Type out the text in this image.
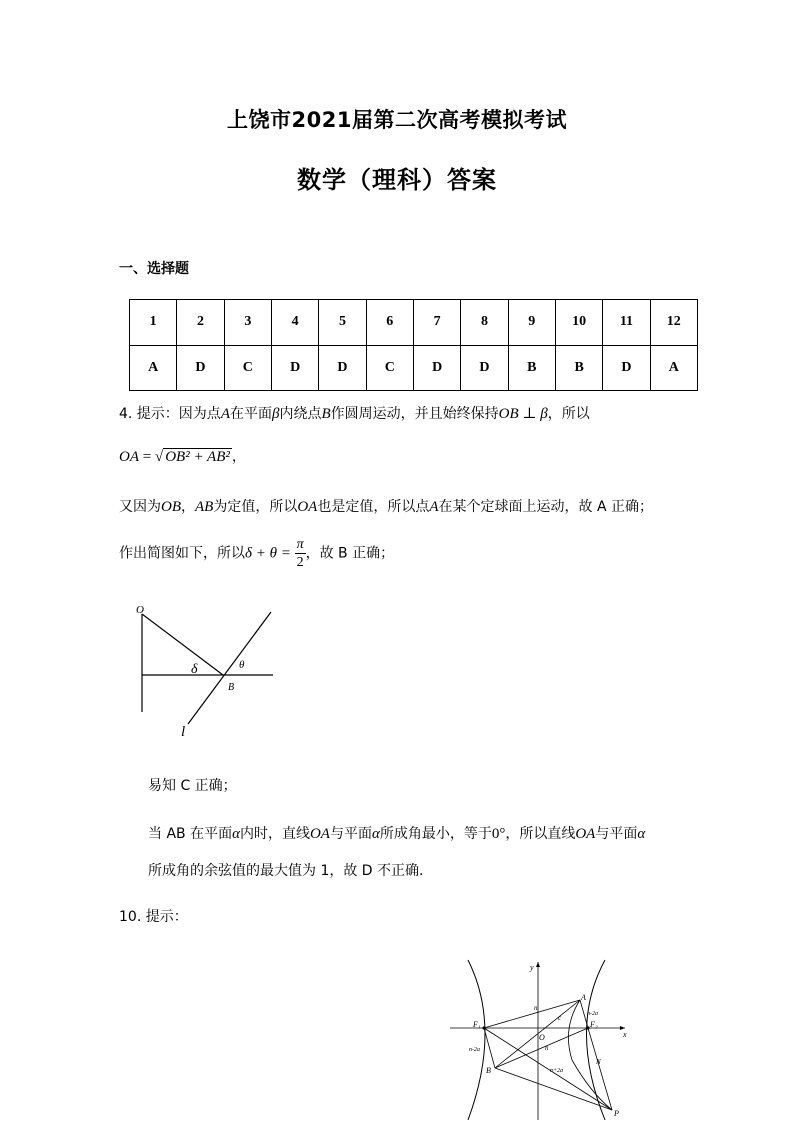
上饶市2021届第二次高考模拟考试
数学（理科）答案
一、选择题
1	2	3	4	5	6	7	8	9	10	11	12
A	D	C	D	D	C	D	D	B	B	D	A
4. 提示：因为点A在平面β内绕点B作圆周运动，并且始终保持OB ⊥ β，所以
OA = √ OB² + AB² ，
又因为OB，AB为定值，所以OA也是定值，所以点A在某个定球面上运动，故 A 正确；
作出简图如下，所以$\delta + \theta = \frac{\pi}{2}$ ，故 B 正确；
O
δ	θ
B
l
易知 C 正确；
当 AB 在平面α内时，直线OA与平面α所成角最小，等于0°，所以直线OA与平面α
所成角的余弦值的最大值为 1，故 D 不正确.
10. 提示：
y
x
A
F₁	F₂
O
B
P
n
c
n
n-2a
n-2a
n+2a
N
